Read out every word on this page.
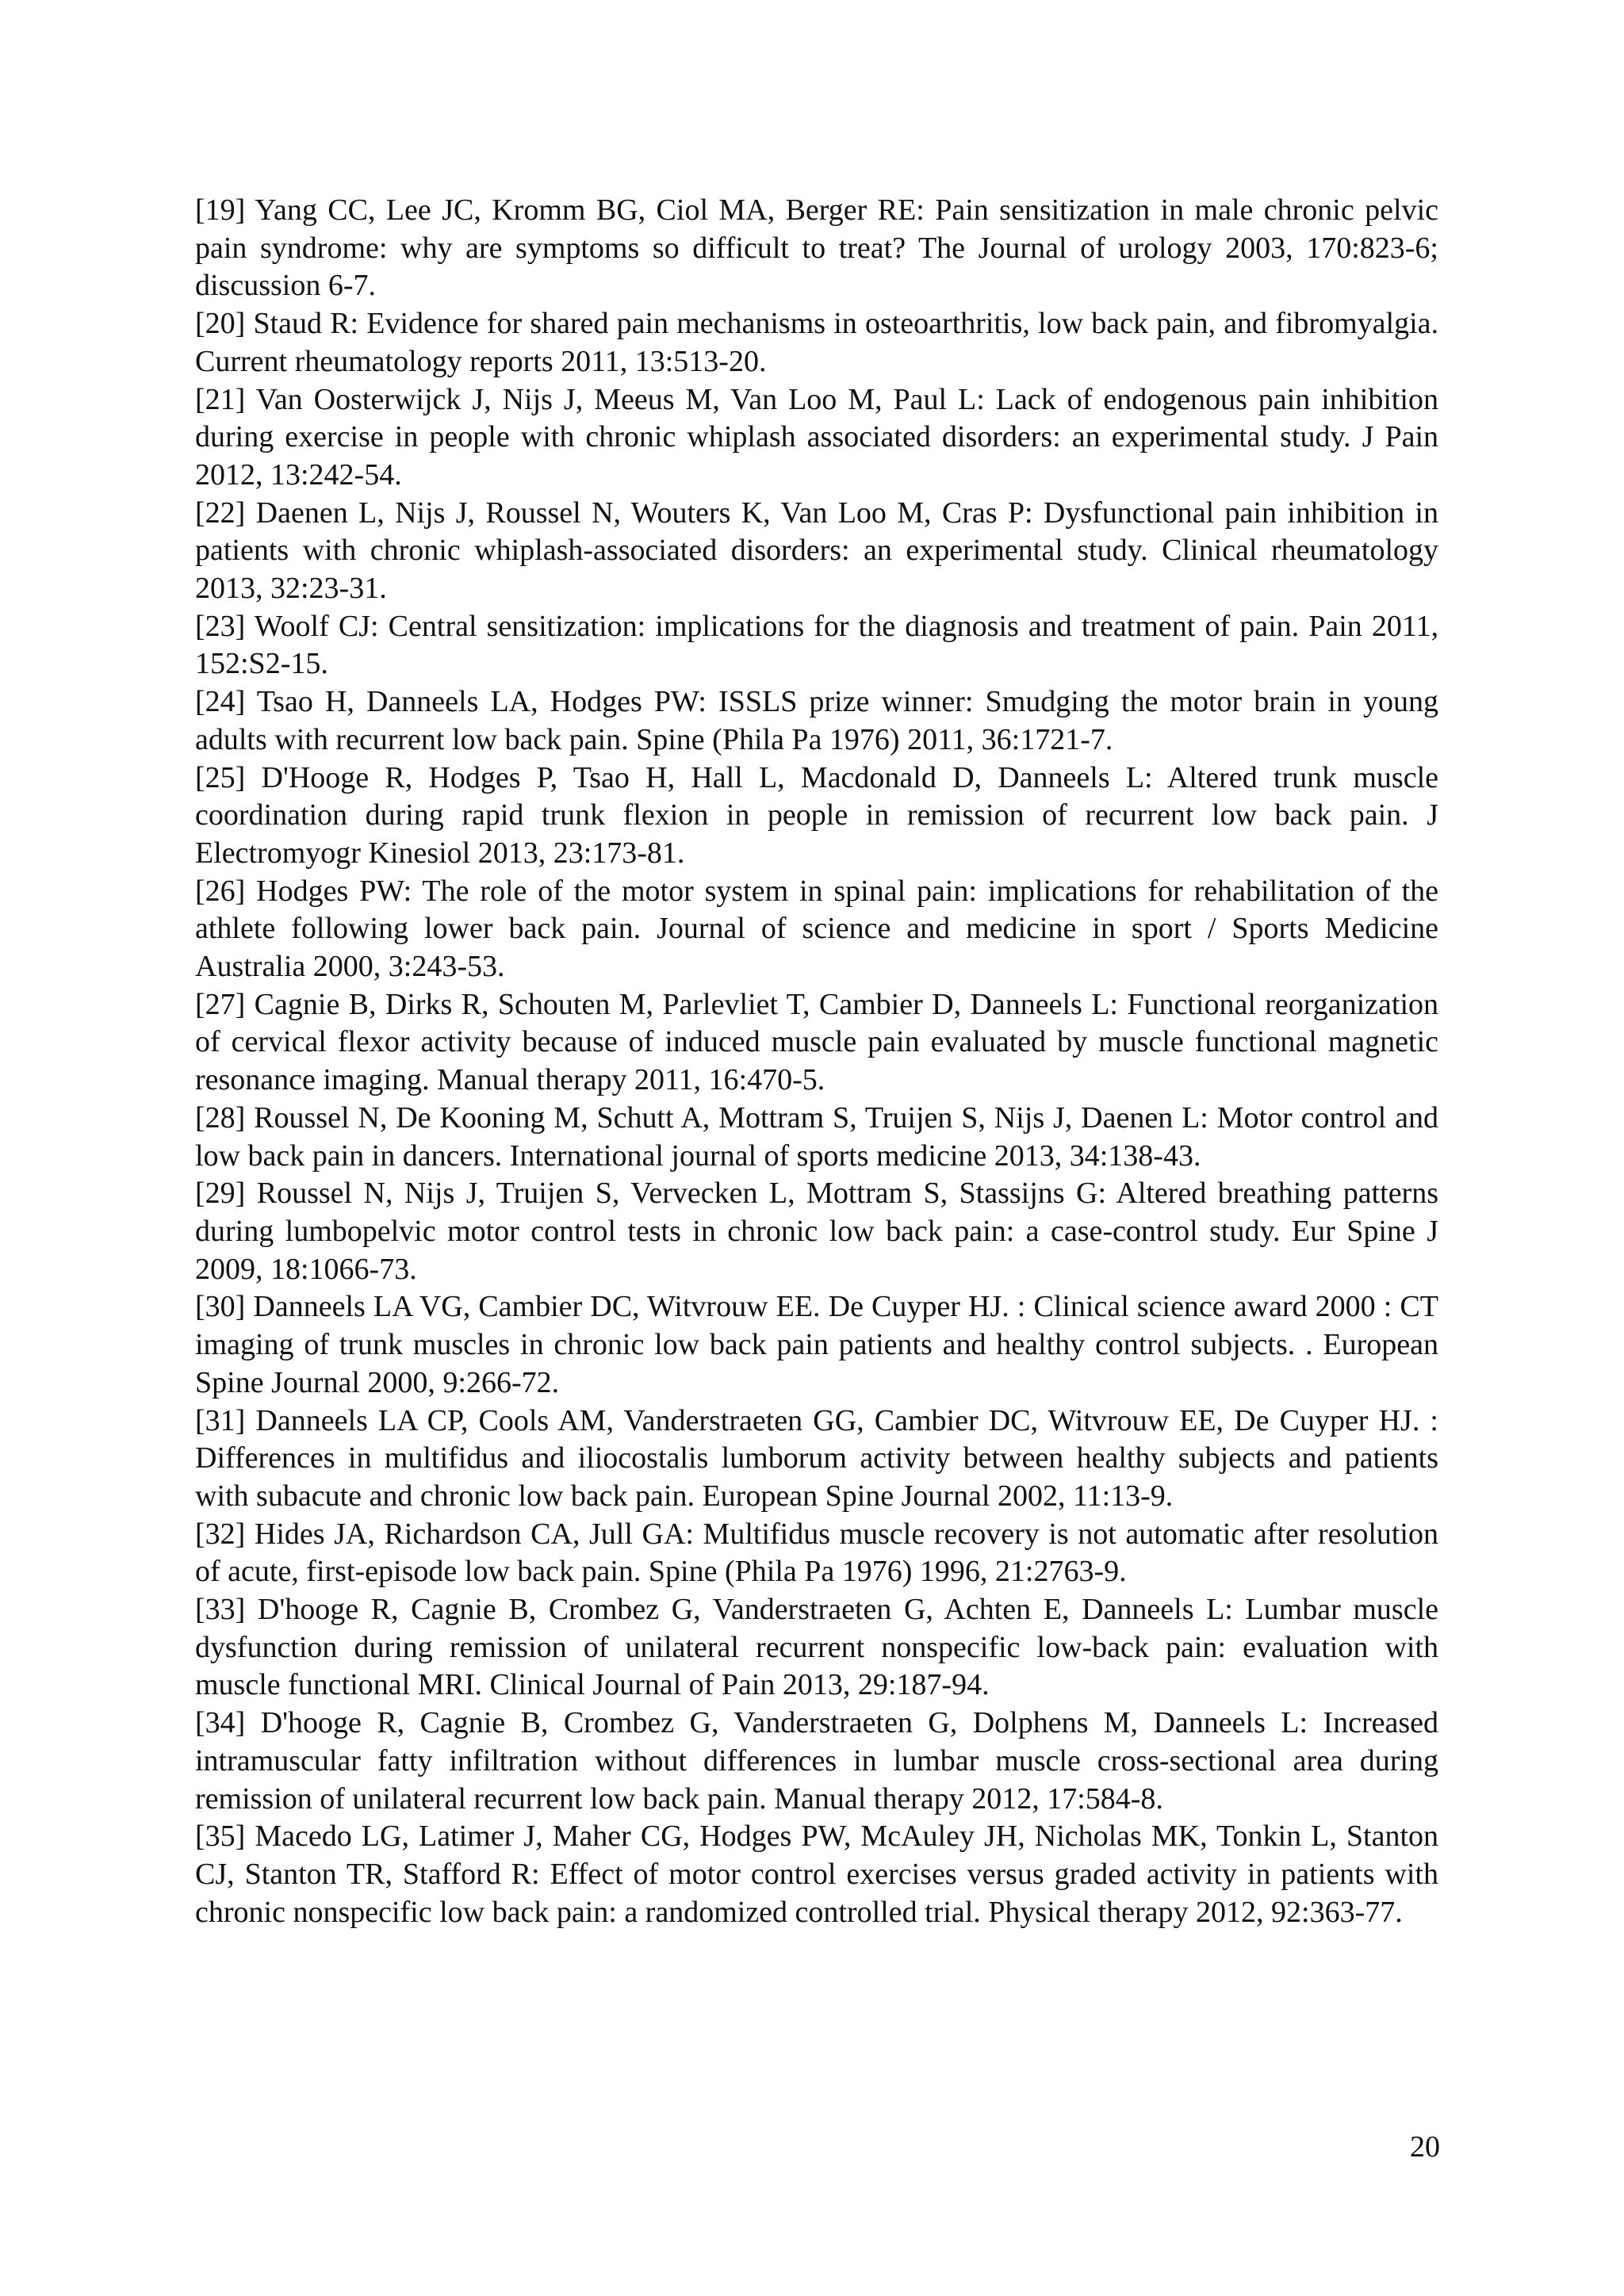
[19] Yang CC, Lee JC, Kromm BG, Ciol MA, Berger RE: Pain sensitization in male chronic pelvic pain syndrome: why are symptoms so difficult to treat? The Journal of urology 2003, 170:823-6; discussion 6-7.
[20] Staud R: Evidence for shared pain mechanisms in osteoarthritis, low back pain, and fibromyalgia. Current rheumatology reports 2011, 13:513-20.
[21] Van Oosterwijck J, Nijs J, Meeus M, Van Loo M, Paul L: Lack of endogenous pain inhibition during exercise in people with chronic whiplash associated disorders: an experimental study. J Pain 2012, 13:242-54.
[22] Daenen L, Nijs J, Roussel N, Wouters K, Van Loo M, Cras P: Dysfunctional pain inhibition in patients with chronic whiplash-associated disorders: an experimental study. Clinical rheumatology 2013, 32:23-31.
[23] Woolf CJ: Central sensitization: implications for the diagnosis and treatment of pain. Pain 2011, 152:S2-15.
[24] Tsao H, Danneels LA, Hodges PW: ISSLS prize winner: Smudging the motor brain in young adults with recurrent low back pain. Spine (Phila Pa 1976) 2011, 36:1721-7.
[25] D'Hooge R, Hodges P, Tsao H, Hall L, Macdonald D, Danneels L: Altered trunk muscle coordination during rapid trunk flexion in people in remission of recurrent low back pain. J Electromyogr Kinesiol 2013, 23:173-81.
[26] Hodges PW: The role of the motor system in spinal pain: implications for rehabilitation of the athlete following lower back pain. Journal of science and medicine in sport / Sports Medicine Australia 2000, 3:243-53.
[27] Cagnie B, Dirks R, Schouten M, Parlevliet T, Cambier D, Danneels L: Functional reorganization of cervical flexor activity because of induced muscle pain evaluated by muscle functional magnetic resonance imaging. Manual therapy 2011, 16:470-5.
[28] Roussel N, De Kooning M, Schutt A, Mottram S, Truijen S, Nijs J, Daenen L: Motor control and low back pain in dancers. International journal of sports medicine 2013, 34:138-43.
[29] Roussel N, Nijs J, Truijen S, Vervecken L, Mottram S, Stassijns G: Altered breathing patterns during lumbopelvic motor control tests in chronic low back pain: a case-control study. Eur Spine J 2009, 18:1066-73.
[30] Danneels LA VG, Cambier DC, Witvrouw EE. De Cuyper HJ. : Clinical science award 2000 : CT imaging of trunk muscles in chronic low back pain patients and healthy control subjects. . European Spine Journal 2000, 9:266-72.
[31] Danneels LA CP, Cools AM, Vanderstraeten GG, Cambier DC, Witvrouw EE, De Cuyper HJ. : Differences in multifidus and iliocostalis lumborum activity between healthy subjects and patients with subacute and chronic low back pain. European Spine Journal 2002, 11:13-9.
[32] Hides JA, Richardson CA, Jull GA: Multifidus muscle recovery is not automatic after resolution of acute, first-episode low back pain. Spine (Phila Pa 1976) 1996, 21:2763-9.
[33] D'hooge R, Cagnie B, Crombez G, Vanderstraeten G, Achten E, Danneels L: Lumbar muscle dysfunction during remission of unilateral recurrent nonspecific low-back pain: evaluation with muscle functional MRI. Clinical Journal of Pain 2013, 29:187-94.
[34] D'hooge R, Cagnie B, Crombez G, Vanderstraeten G, Dolphens M, Danneels L: Increased intramuscular fatty infiltration without differences in lumbar muscle cross-sectional area during remission of unilateral recurrent low back pain. Manual therapy 2012, 17:584-8.
[35] Macedo LG, Latimer J, Maher CG, Hodges PW, McAuley JH, Nicholas MK, Tonkin L, Stanton CJ, Stanton TR, Stafford R: Effect of motor control exercises versus graded activity in patients with chronic nonspecific low back pain: a randomized controlled trial. Physical therapy 2012, 92:363-77.
20
